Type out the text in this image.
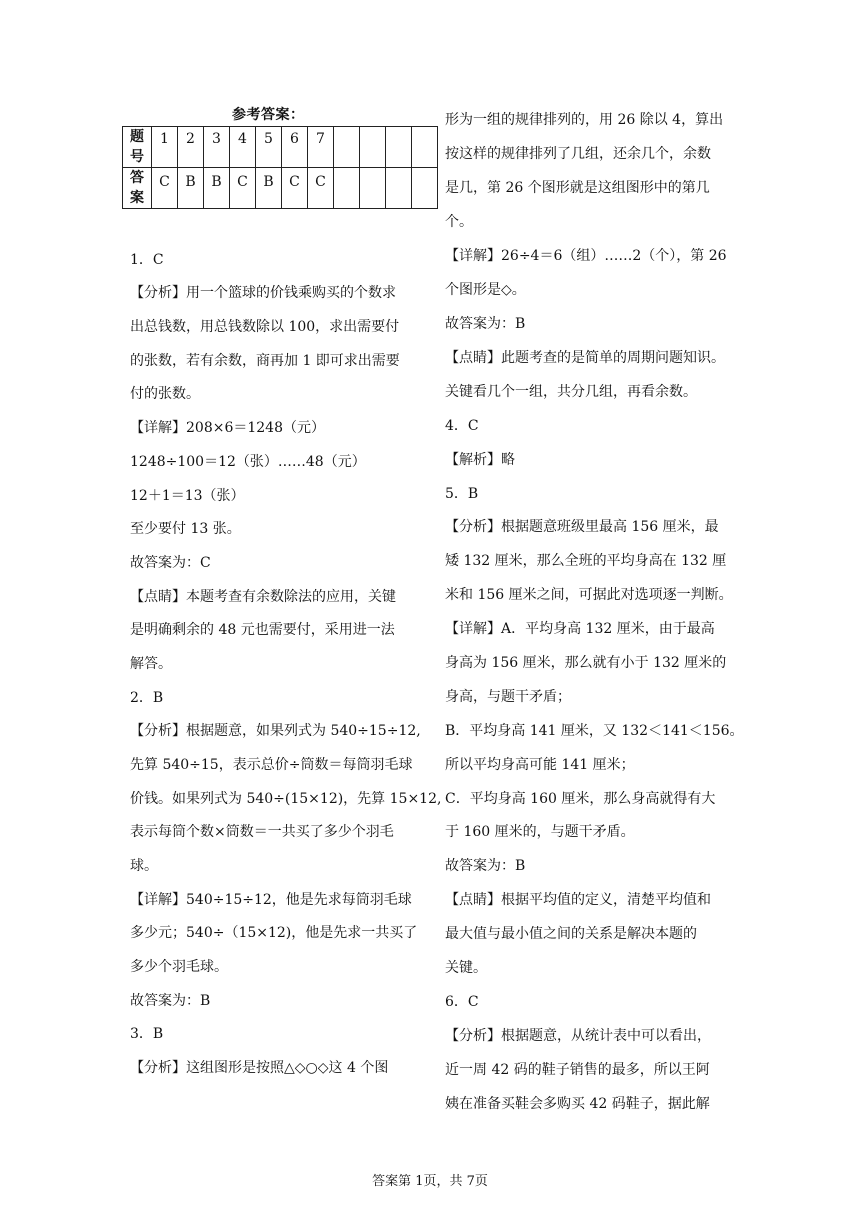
参考答案：
题号	1	2	3	4	5	6	7				
答案	C	B	B	C	B	C	C				
1．C
【分析】用一个篮球的价钱乘购买的个数求
出总钱数，用总钱数除以 100，求出需要付
的张数，若有余数，商再加 1 即可求出需要
付的张数。
【详解】208×6＝1248（元）
1248÷100＝12（张）……48（元）
12＋1＝13（张）
至少要付 13 张。
故答案为：C
【点睛】本题考查有余数除法的应用，关键
是明确剩余的 48 元也需要付，采用进一法
解答。
2．B
【分析】根据题意，如果列式为 540÷15÷12,
先算 540÷15，表示总价÷筒数＝每筒羽毛球
价钱。如果列式为 540÷(15×12)，先算 15×12,
表示每筒个数×筒数＝一共买了多少个羽毛
球。
【详解】540÷15÷12，他是先求每筒羽毛球
多少元；540÷（15×12)，他是先求一共买了
多少个羽毛球。
故答案为：B
3．B
【分析】这组图形是按照△◇○◇这 4 个图
形为一组的规律排列的，用 26 除以 4，算出
按这样的规律排列了几组，还余几个，余数
是几，第 26 个图形就是这组图形中的第几
个。
【详解】26÷4＝6（组）……2（个），第 26
个图形是◇。
故答案为：B
【点睛】此题考查的是简单的周期问题知识。
关键看几个一组，共分几组，再看余数。
4．C
【解析】略
5．B
【分析】根据题意班级里最高 156 厘米，最
矮 132 厘米，那么全班的平均身高在 132 厘
米和 156 厘米之间，可据此对选项逐一判断。
【详解】A．平均身高 132 厘米，由于最高
身高为 156 厘米，那么就有小于 132 厘米的
身高，与题干矛盾；
B．平均身高 141 厘米，又 132＜141＜156。
所以平均身高可能 141 厘米；
C．平均身高 160 厘米，那么身高就得有大
于 160 厘米的，与题干矛盾。
故答案为：B
【点睛】根据平均值的定义，清楚平均值和
最大值与最小值之间的关系是解决本题的
关键。
6．C
【分析】根据题意，从统计表中可以看出，
近一周 42 码的鞋子销售的最多，所以王阿
姨在准备买鞋会多购买 42 码鞋子，据此解
答案第 1页，共 7页
